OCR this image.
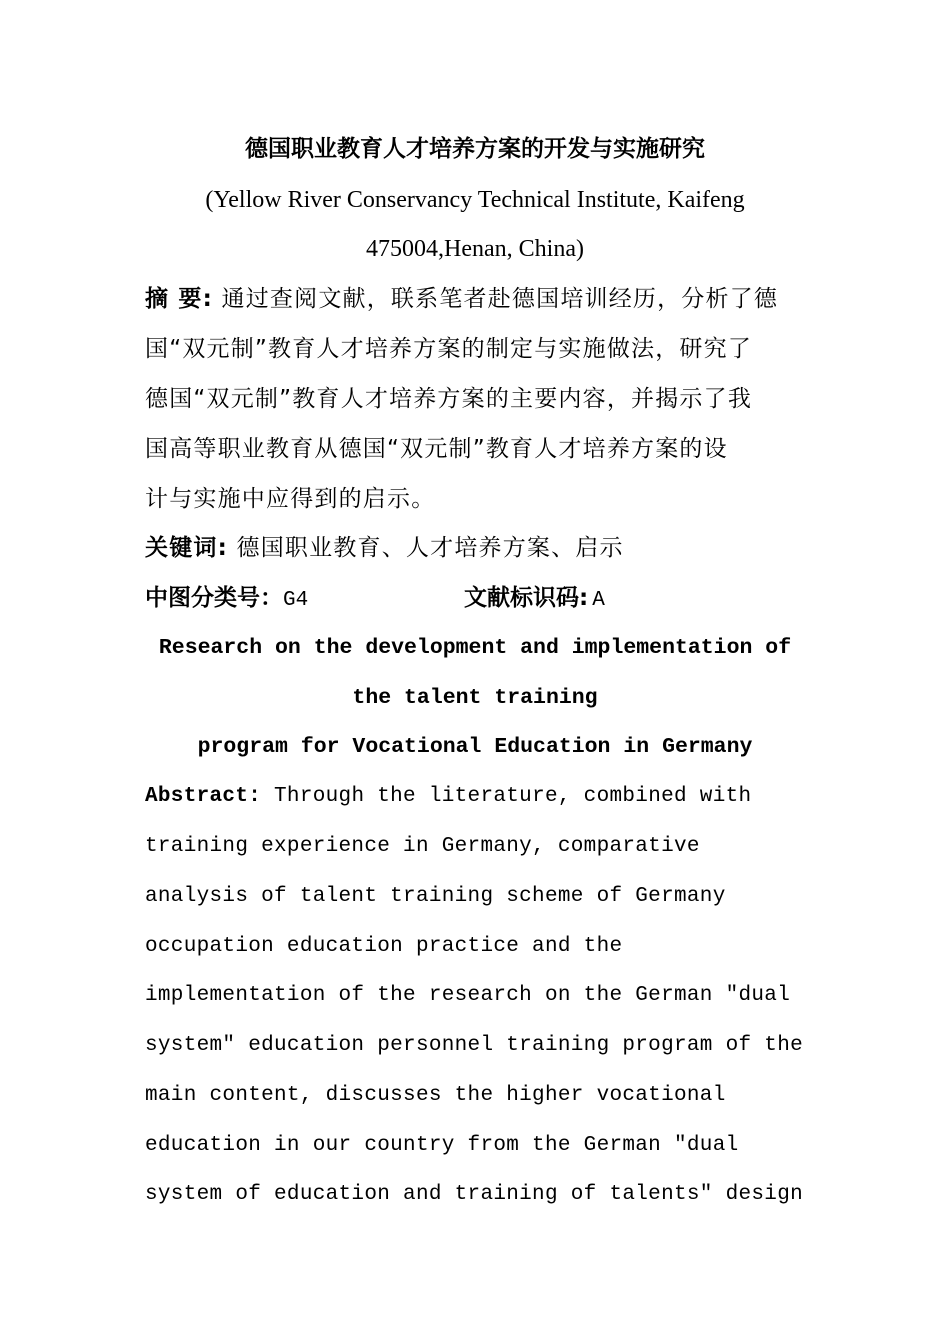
德国职业教育人才培养方案的开发与实施研究
(Yellow River Conservancy Technical Institute, Kaifeng
475004,Henan, China)
摘 要: 通过查阅文献，联系笔者赴德国培训经历，分析了德
国“双元制”教育人才培养方案的制定与实施做法，研究了
德国“双元制”教育人才培养方案的主要内容，并揭示了我
国高等职业教育从德国“双元制”教育人才培养方案的设
计与实施中应得到的启示。
关键词: 德国职业教育、人才培养方案、启示
中图分类号：G4	文献标识码: A
Research on the development and implementation of
the talent training
program for Vocational Education in Germany
Abstract: Through the literature, combined with
training experience in Germany, comparative
analysis of talent training scheme of Germany
occupation education practice and the
implementation of the research on the German "dual
system" education personnel training program of the
main content, discusses the higher vocational
education in our country from the German "dual
system of education and training of talents" design
